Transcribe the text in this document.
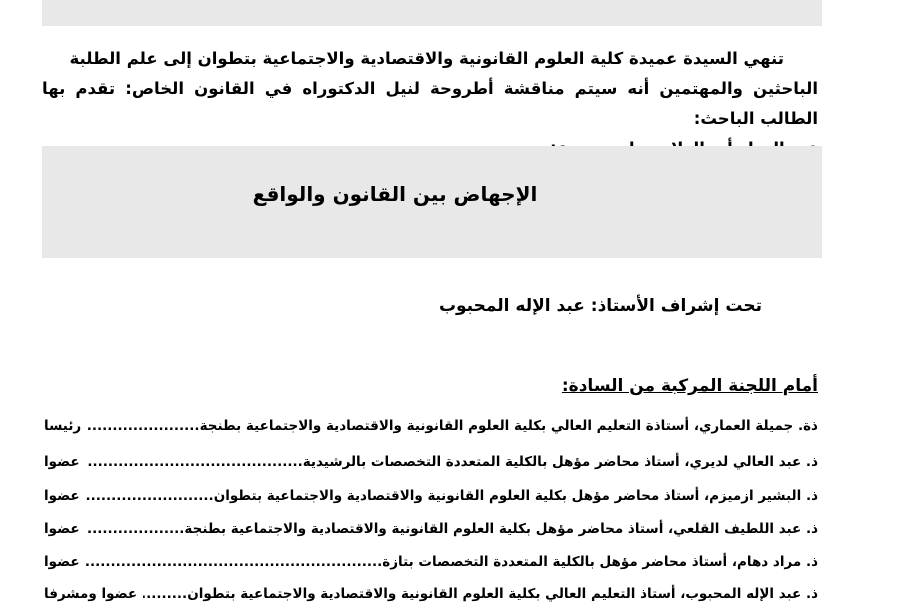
تنهي السيدة عميدة كلية العلوم القانونية والاقتصادية والاجتماعية بتطوان إلى علم الطلبة
الباحثين والمهتمين أنه سيتم مناقشة أطروحة لنيل الدكتوراه في القانون الخاص: تقدم بها الطالب الباحث:
الإجهاض بين القانون والواقع
تحت إشراف الأستاذ: عبد الإله المحبوب
أمام اللجنة المركبة من السادة:
ذة. جميلة العماري، أستاذة التعليم العالي بكلية العلوم القانونية والاقتصادية والاجتماعية بطنجة
.....
رئيسا
ذ. عبد العالي لديري، أستاذ محاضر مؤهل بالكلية المتعددة التخصصات بالرشيدية
.....
عضوا
ذ. البشير ازميزم، أستاذ محاضر مؤهل بكلية العلوم القانونية والاقتصادية والاجتماعية بتطوان
.....
عضوا
ذ. عبد اللطيف القلعي، أستاذ محاضر مؤهل بكلية العلوم القانونية والاقتصادية والاجتماعية بطنجة
.....
عضوا
ذ. مراد دهام، أستاذ محاضر مؤهل بالكلية المتعددة التخصصات بتازة
.....
عضوا
ذ. عبد الإله المحبوب، أستاذ التعليم العالي بكلية العلوم القانونية والاقتصادية والاجتماعية بتطوان
.....
عضوا ومشرفا
